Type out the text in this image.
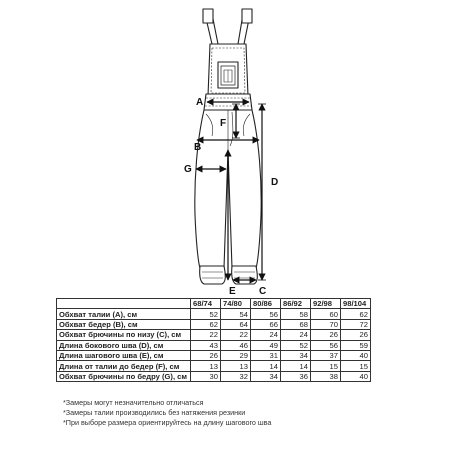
A
B
C
D
E
F
G
	68/74	74/80	80/86	86/92	92/98	98/104
Обхват талии (A), см	52	54	56	58	60	62
Обхват бедер (B), см	62	64	66	68	70	72
Обхват брючины по низу (C), см	22	22	24	24	26	26
Длина бокового шва (D), см	43	46	49	52	56	59
Длина шагового шва (E), см	26	29	31	34	37	40
Длина от талии до бедер (F), см	13	13	14	14	15	15
Обхват брючины по бедру (G), см	30	32	34	36	38	40
*Замеры могут незначительно отличаться
*Замеры талии производились без натяжения резинки
*При выборе размера ориентируйтесь на длину шагового шва
